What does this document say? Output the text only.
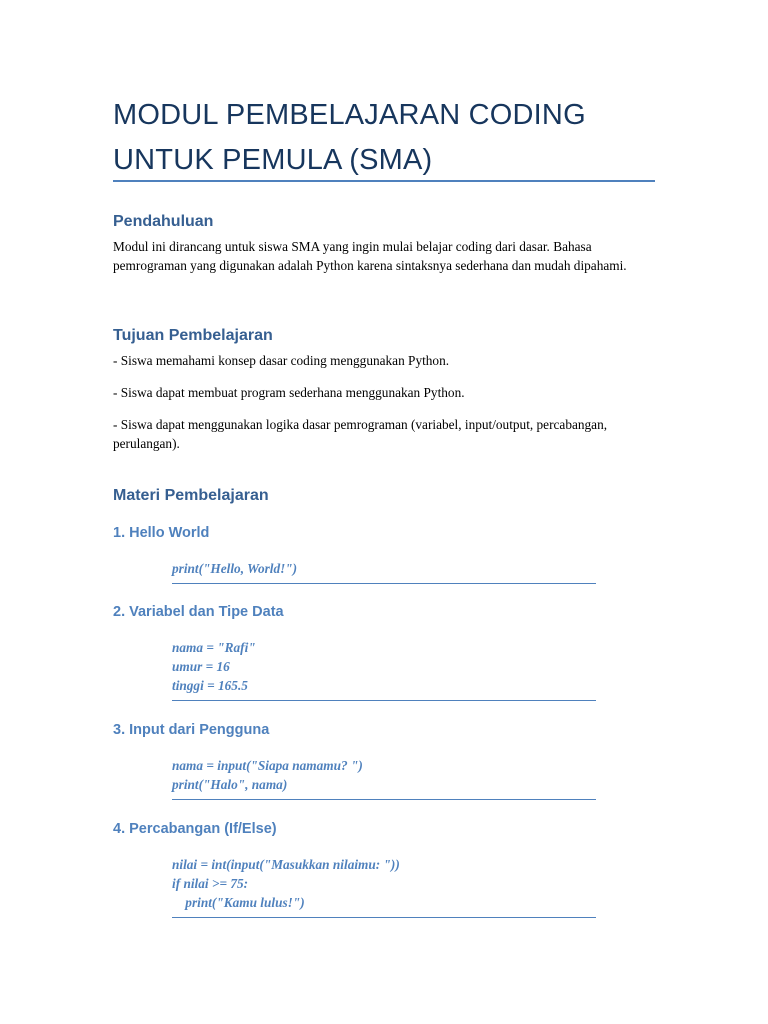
MODUL PEMBELAJARAN CODING
UNTUK PEMULA (SMA)
Pendahuluan

Modul ini dirancang untuk siswa SMA yang ingin mulai belajar coding dari dasar. Bahasa pemrograman yang digunakan adalah Python karena sintaksnya sederhana dan mudah dipahami.

Tujuan Pembelajaran

- Siswa memahami konsep dasar coding menggunakan Python.

- Siswa dapat membuat program sederhana menggunakan Python.

- Siswa dapat menggunakan logika dasar pemrograman (variabel, input/output, percabangan, perulangan).

Materi Pembelajaran
1. Hello World
print("Hello, World!")
2. Variabel dan Tipe Data
nama = "Rafi"
umur = 16
tinggi = 165.5
3. Input dari Pengguna
nama = input("Siapa namamu? ")
print("Halo", nama)
4. Percabangan (If/Else)
nilai = int(input("Masukkan nilaimu: "))
if nilai >= 75:
print("Kamu lulus!")
